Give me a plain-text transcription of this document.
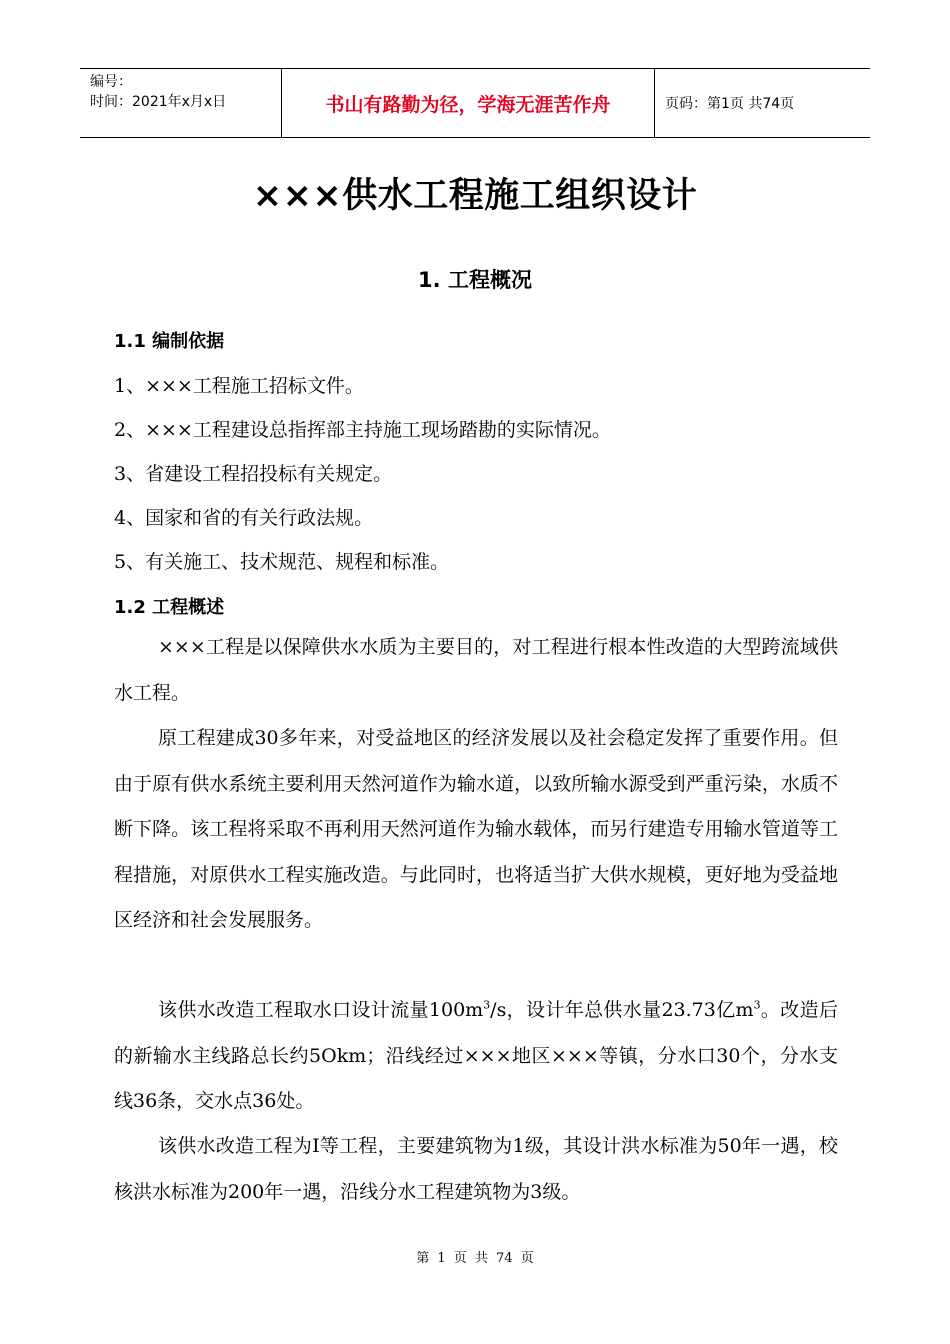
编号：
时间：2021年x月x日	书山有路勤为径，学海无涯苦作舟	页码：第1页 共74页
×××供水工程施工组织设计
1. 工程概况
1.1 编制依据
1、×××工程施工招标文件。
2、×××工程建设总指挥部主持施工现场踏勘的实际情况。
3、省建设工程招投标有关规定。
4、国家和省的有关行政法规。
5、有关施工、技术规范、规程和标准。
1.2 工程概述
×××工程是以保障供水水质为主要目的，对工程进行根本性改造的大型跨流域供水工程。
原工程建成30多年来，对受益地区的经济发展以及社会稳定发挥了重要作用。但由于原有供水系统主要利用天然河道作为输水道，以致所输水源受到严重污染，水质不断下降。该工程将采取不再利用天然河道作为输水载体，而另行建造专用输水管道等工程措施，对原供水工程实施改造。与此同时，也将适当扩大供水规模，更好地为受益地区经济和社会发展服务。
该供水改造工程取水口设计流量$100m^3/s$，设计年总供水量23.73亿$m^3$。改造后的新输水主线路总长约5Okm；沿线经过×××地区×××等镇，分水口30个，分水支线36条，交水点36处。
该供水改造工程为I等工程，主要建筑物为1级，其设计洪水标准为50年一遇，校核洪水标准为200年一遇，沿线分水工程建筑物为3级。
第 1 页 共 74 页
